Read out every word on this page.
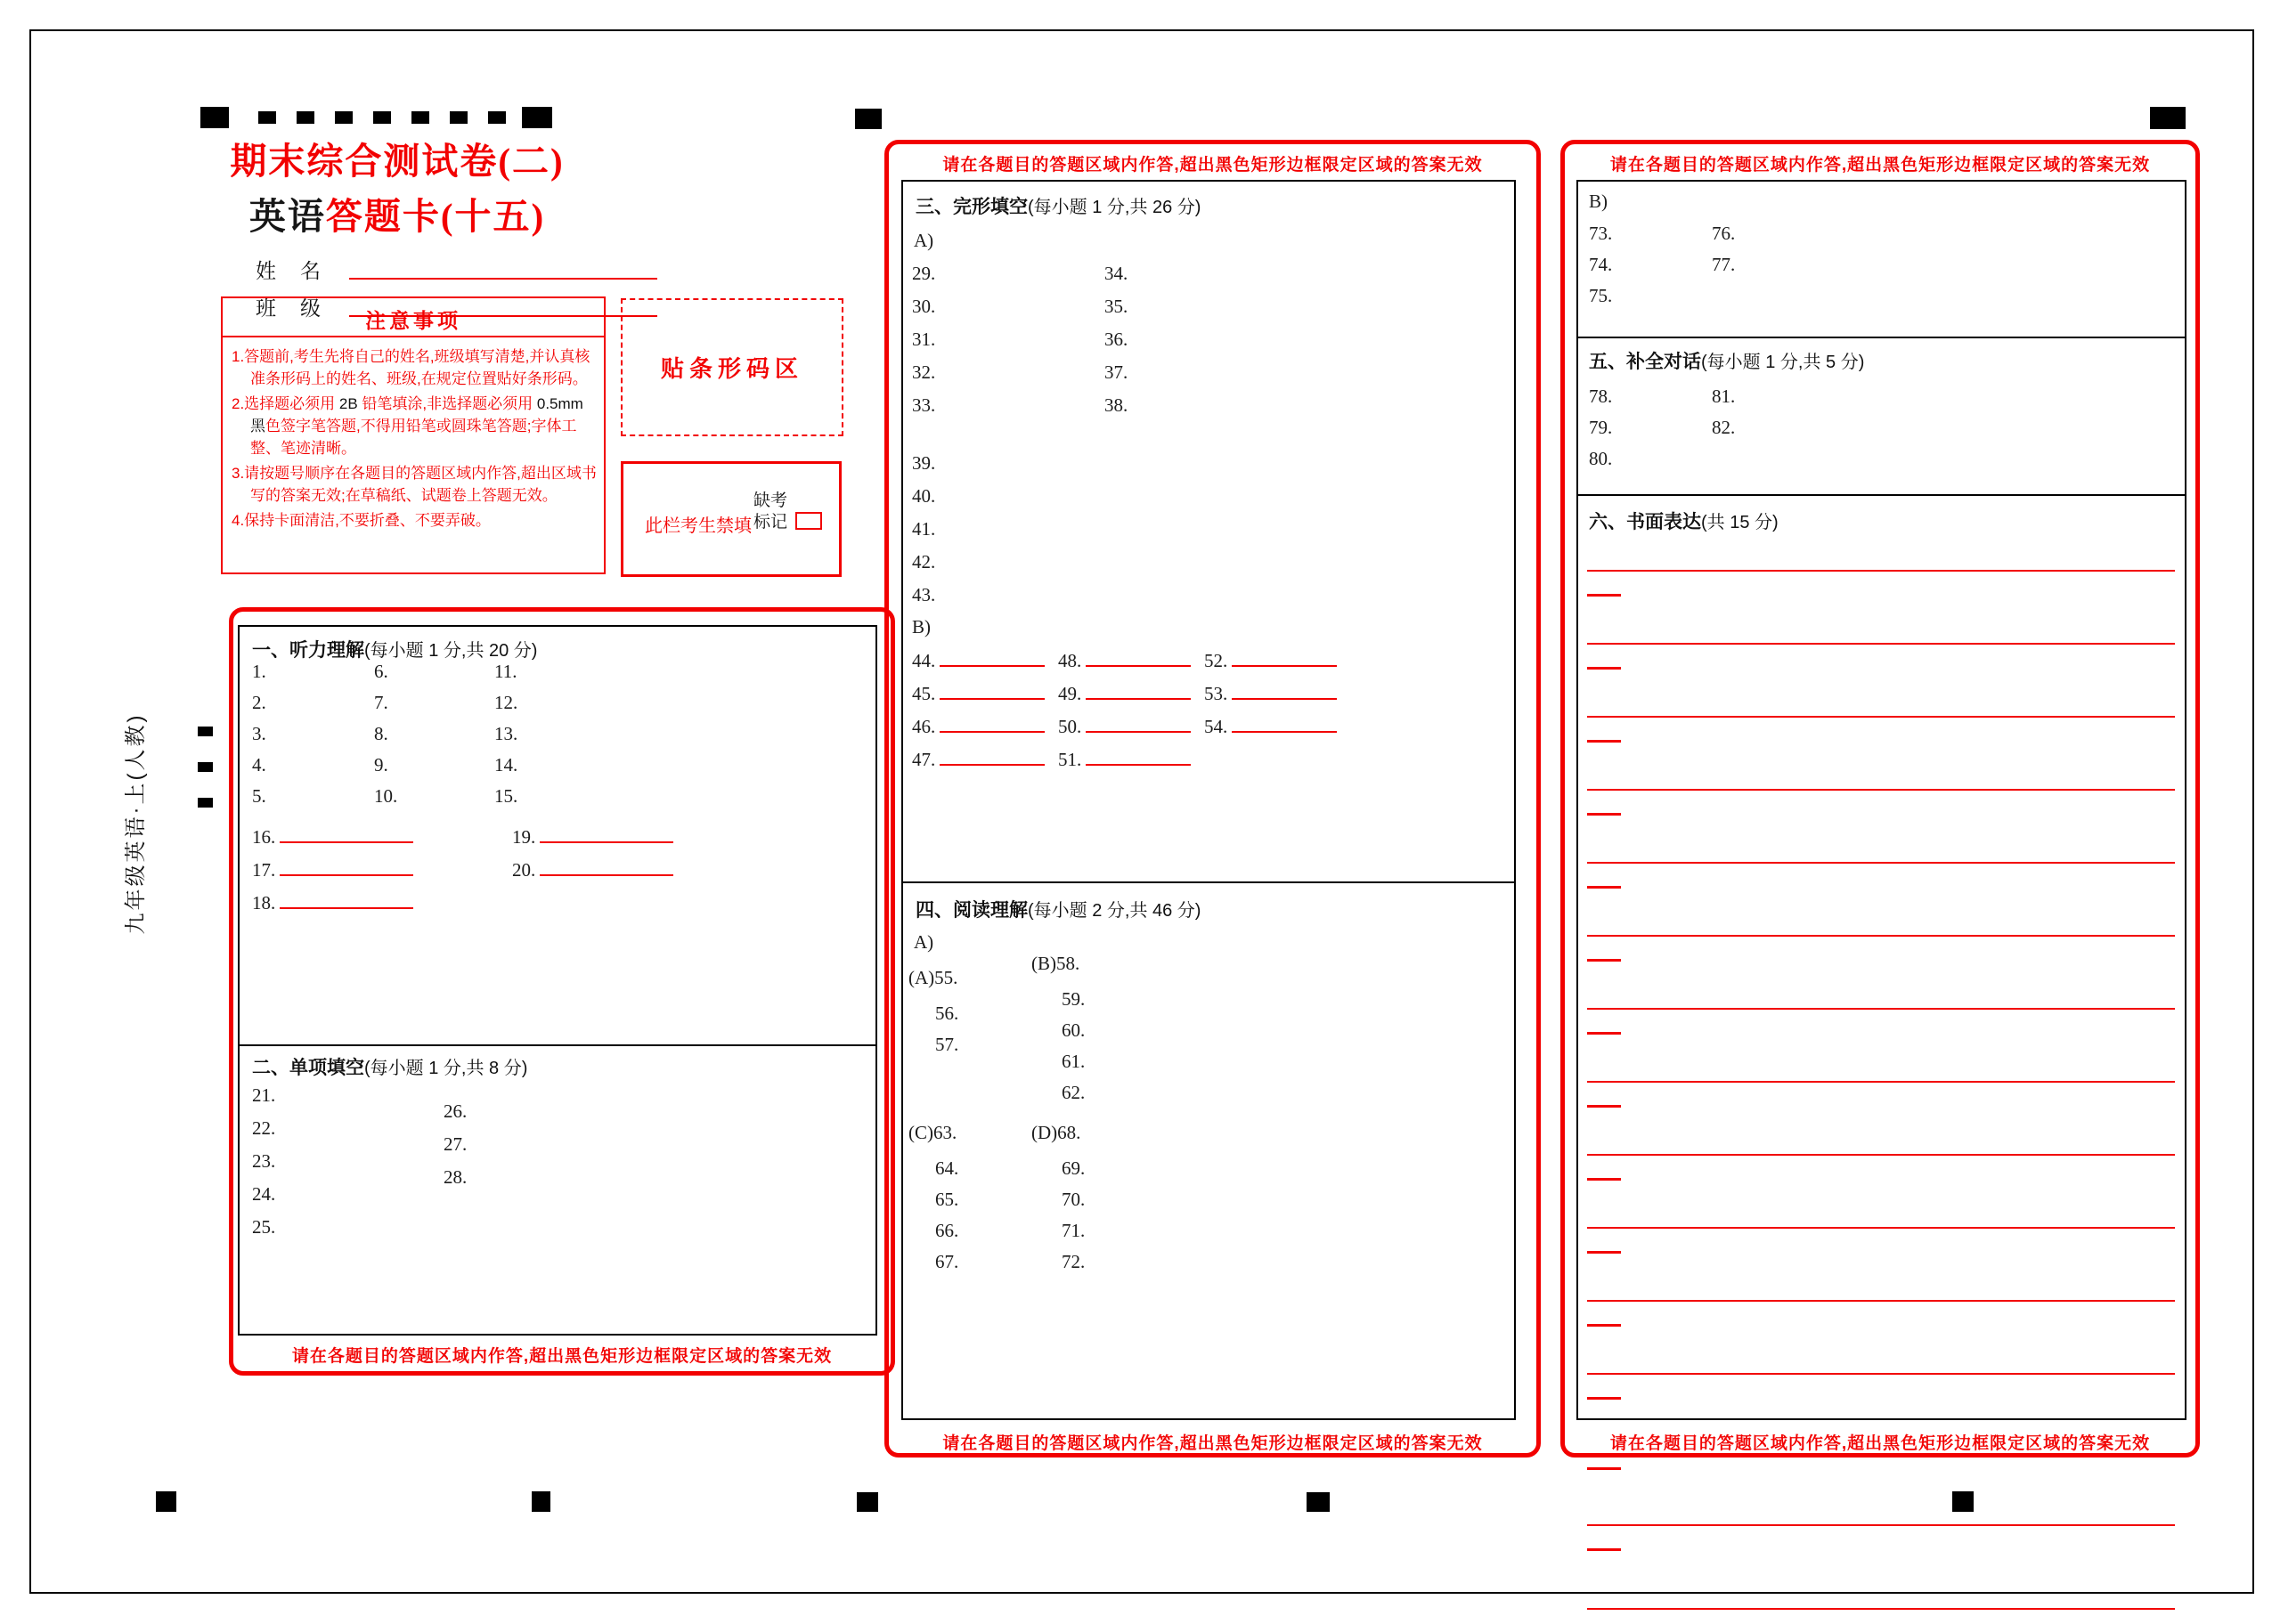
期末综合测试卷(二)
英语答题卡(十五)
姓　名
班　级
九年级英语·上(人教)
注意事项
1.答题前,考生先将自己的姓名,班级填写清楚,并认真核准条形码上的姓名、班级,在规定位置贴好条形码。
2.选择题必须用 2B 铅笔填涂,非选择题必须用 0.5mm 黑色签字笔答题,不得用铅笔或圆珠笔答题;字体工整、笔迹清晰。
3.请按题号顺序在各题目的答题区域内作答,超出区域书写的答案无效;在草稿纸、试题卷上答题无效。
4.保持卡面清洁,不要折叠、不要弄破。
贴条形码区
此栏考生禁填
缺考
标记
一、听力理解(每小题 1 分,共 20 分)
1.
2.
3.
4.
5.
6.
7.
8.
9.
10.
11.
12.
13.
14.
15.
16.
17.
18.
19.
20.
二、单项填空(每小题 1 分,共 8 分)
21.
22.
23.
24.
25.
26.
27.
28.
请在各题目的答题区域内作答,超出黑色矩形边框限定区域的答案无效
请在各题目的答题区域内作答,超出黑色矩形边框限定区域的答案无效
三、完形填空(每小题 1 分,共 26 分)
A)
29.
30.
31.
32.
33.
34.
35.
36.
37.
38.
39.
40.
41.
42.
43.
B)
44.
45.
46.
47.
48.
49.
50.
51.
52.
53.
54.
四、阅读理解(每小题 2 分,共 46 分)
A)
(A)55.
56.
57.
(B)58.
59.
60.
61.
62.
(C)63.
64.
65.
66.
67.
(D)68.
69.
70.
71.
72.
请在各题目的答题区域内作答,超出黑色矩形边框限定区域的答案无效
请在各题目的答题区域内作答,超出黑色矩形边框限定区域的答案无效
B)
73.
74.
75.
76.
77.
五、补全对话(每小题 1 分,共 5 分)
78.
79.
80.
81.
82.
六、书面表达(共 15 分)
请在各题目的答题区域内作答,超出黑色矩形边框限定区域的答案无效
